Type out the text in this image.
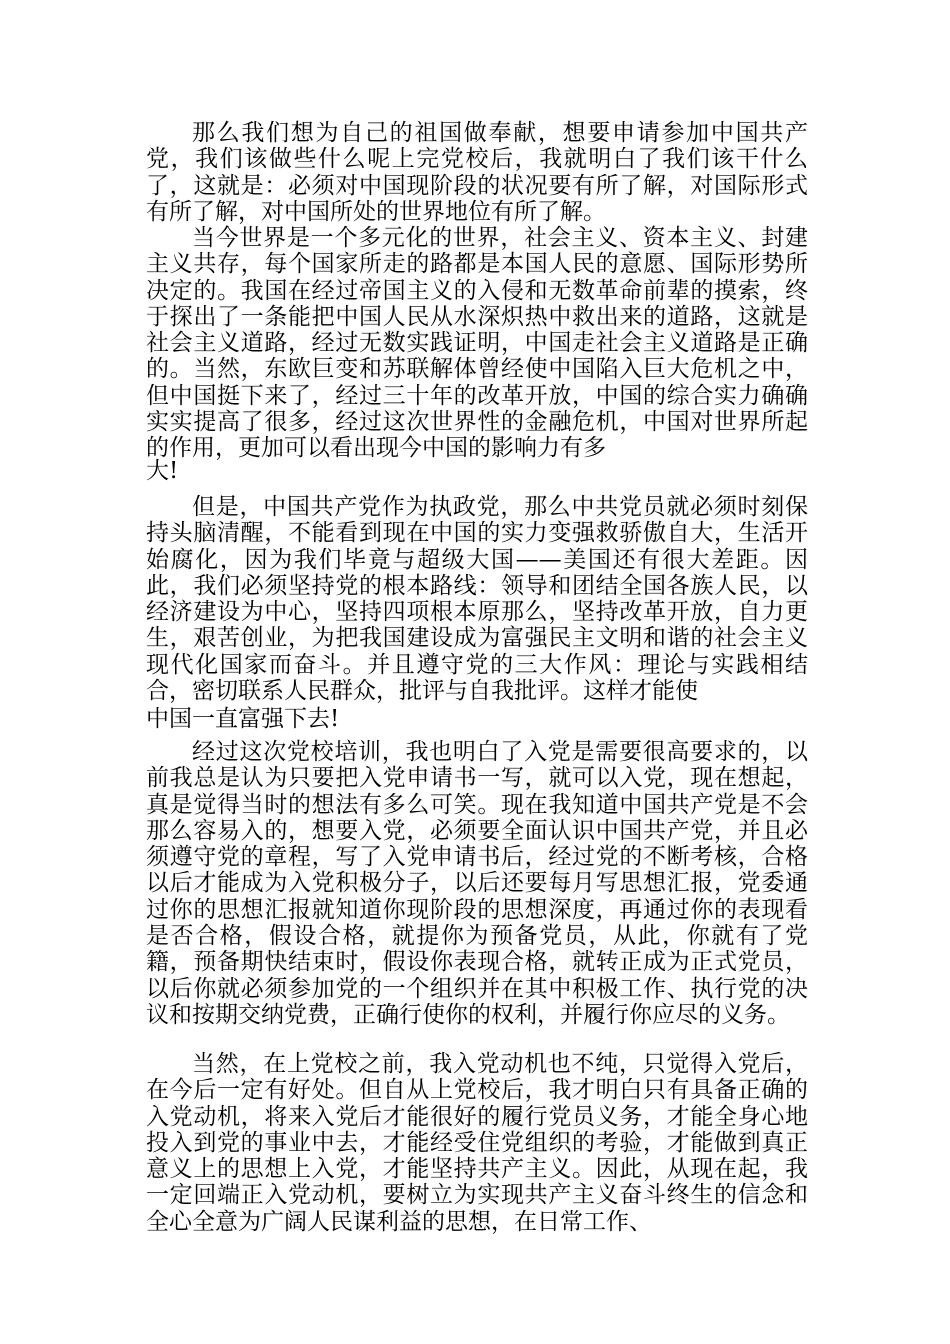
那么我们想为自己的祖国做奉献，想要申请参加中国共产党，我们该做些什么呢上完党校后，我就明白了我们该干什么了，这就是：必须对中国现阶段的状况要有所了解，对国际形式有所了解，对中国所处的世界地位有所了解。

当今世界是一个多元化的世界，社会主义、资本主义、封建主义共存，每个国家所走的路都是本国人民的意愿、国际形势所决定的。我国在经过帝国主义的入侵和无数革命前辈的摸索，终于探出了一条能把中国人民从水深炽热中救出来的道路，这就是社会主义道路，经过无数实践证明，中国走社会主义道路是正确的。当然，东欧巨变和苏联解体曾经使中国陷入巨大危机之中，但中国挺下来了，经过三十年的改革开放，中国的综合实力确确实实提高了很多，经过这次世界性的金融危机，中国对世界所起的作用，更加可以看出现今中国的影响力有多

大!

但是，中国共产党作为执政党，那么中共党员就必须时刻保持头脑清醒，不能看到现在中国的实力变强救骄傲自大，生活开始腐化，因为我们毕竟与超级大国——美国还有很大差距。因此，我们必须坚持党的根本路线：领导和团结全国各族人民，以经济建设为中心，坚持四项根本原那么，坚持改革开放，自力更生，艰苦创业，为把我国建设成为富强民主文明和谐的社会主义现代化国家而奋斗。并且遵守党的三大作风：理论与实践相结合，密切联系人民群众，批评与自我批评。这样才能使

中国一直富强下去!

经过这次党校培训，我也明白了入党是需要很高要求的，以前我总是认为只要把入党申请书一写，就可以入党，现在想起，真是觉得当时的想法有多么可笑。现在我知道中国共产党是不会那么容易入的，想要入党，必须要全面认识中国共产党，并且必须遵守党的章程，写了入党申请书后，经过党的不断考核，合格以后才能成为入党积极分子，以后还要每月写思想汇报，党委通过你的思想汇报就知道你现阶段的思想深度，再通过你的表现看是否合格，假设合格，就提你为预备党员，从此，你就有了党籍，预备期快结束时，假设你表现合格，就转正成为正式党员，以后你就必须参加党的一个组织并在其中积极工作、执行党的决议和按期交纳党费，正确行使你的权利，并履行你应尽的义务。

当然，在上党校之前，我入党动机也不纯，只觉得入党后，在今后一定有好处。但自从上党校后，我才明白只有具备正确的入党动机，将来入党后才能很好的履行党员义务，才能全身心地投入到党的事业中去，才能经受住党组织的考验，才能做到真正意义上的思想上入党，才能坚持共产主义。因此，从现在起，我一定回端正入党动机，要树立为实现共产主义奋斗终生的信念和全心全意为广阔人民谋利益的思想，在日常工作、
